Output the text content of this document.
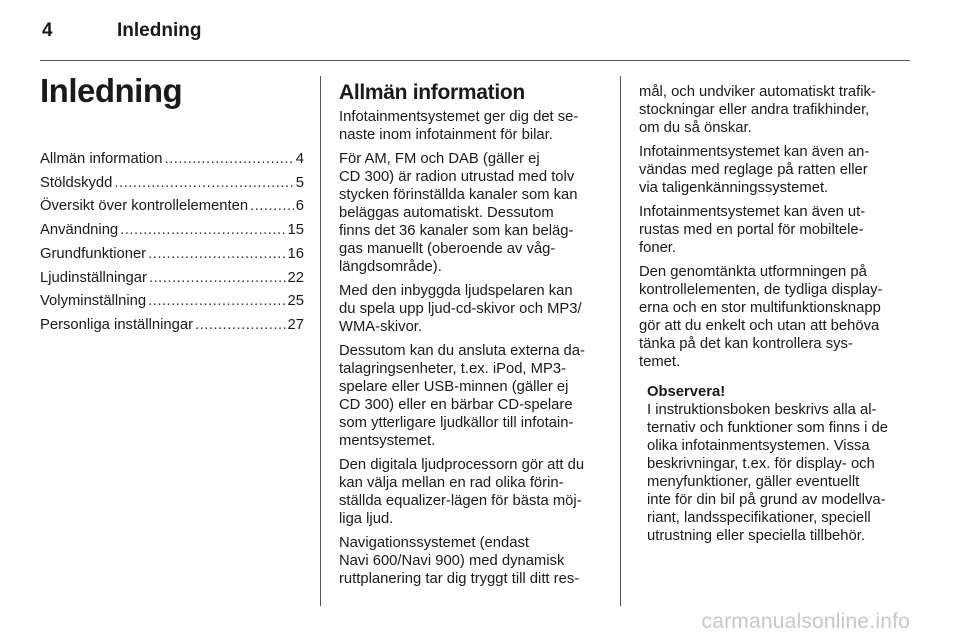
4	Inledning
Inledning
Allmän information .....	4
Stöldskydd .....	5
Översikt över kontrollelementen .....	6
Användning .....	15
Grundfunktioner .....	16
Ljudinställningar .....	22
Volyminställning .....	25
Personliga inställningar .....	27
Allmän information

Infotainmentsystemet ger dig det se-
naste inom infotainment för bilar.

För AM, FM och DAB (gäller ej
CD 300) är radion utrustad med tolv
stycken förinställda kanaler som kan
beläggas automatiskt. Dessutom
finns det 36 kanaler som kan beläg-
gas manuellt (oberoende av våg-
längdsområde).

Med den inbyggda ljudspelaren kan
du spela upp ljud-cd-skivor och MP3/
WMA-skivor.

Dessutom kan du ansluta externa da-
talagringsenheter, t.ex. iPod, MP3-
spelare eller USB-minnen (gäller ej
CD 300) eller en bärbar CD-spelare
som ytterligare ljudkällor till infotain-
mentsystemet.

Den digitala ljudprocessorn gör att du
kan välja mellan en rad olika förin-
ställda equalizer-lägen för bästa möj-
liga ljud.

Navigationssystemet (endast
Navi 600/Navi 900) med dynamisk
ruttplanering tar dig tryggt till ditt res-

mål, och undviker automatiskt trafik-
stockningar eller andra trafikhinder,
om du så önskar.

Infotainmentsystemet kan även an-
vändas med reglage på ratten eller
via taligenkänningssystemet.

Infotainmentsystemet kan även ut-
rustas med en portal för mobiltele-
foner.

Den genomtänkta utformningen på
kontrollelementen, de tydliga display-
erna och en stor multifunktionsknapp
gör att du enkelt och utan att behöva
tänka på det kan kontrollera sys-
temet.

Observera!

I instruktionsboken beskrivs alla al-
ternativ och funktioner som finns i de
olika infotainmentsystemen. Vissa
beskrivningar, t.ex. för display- och
menyfunktioner, gäller eventuellt
inte för din bil på grund av modellva-
riant, landsspecifikationer, speciell
utrustning eller speciella tillbehör.

carmanualsonline.info
